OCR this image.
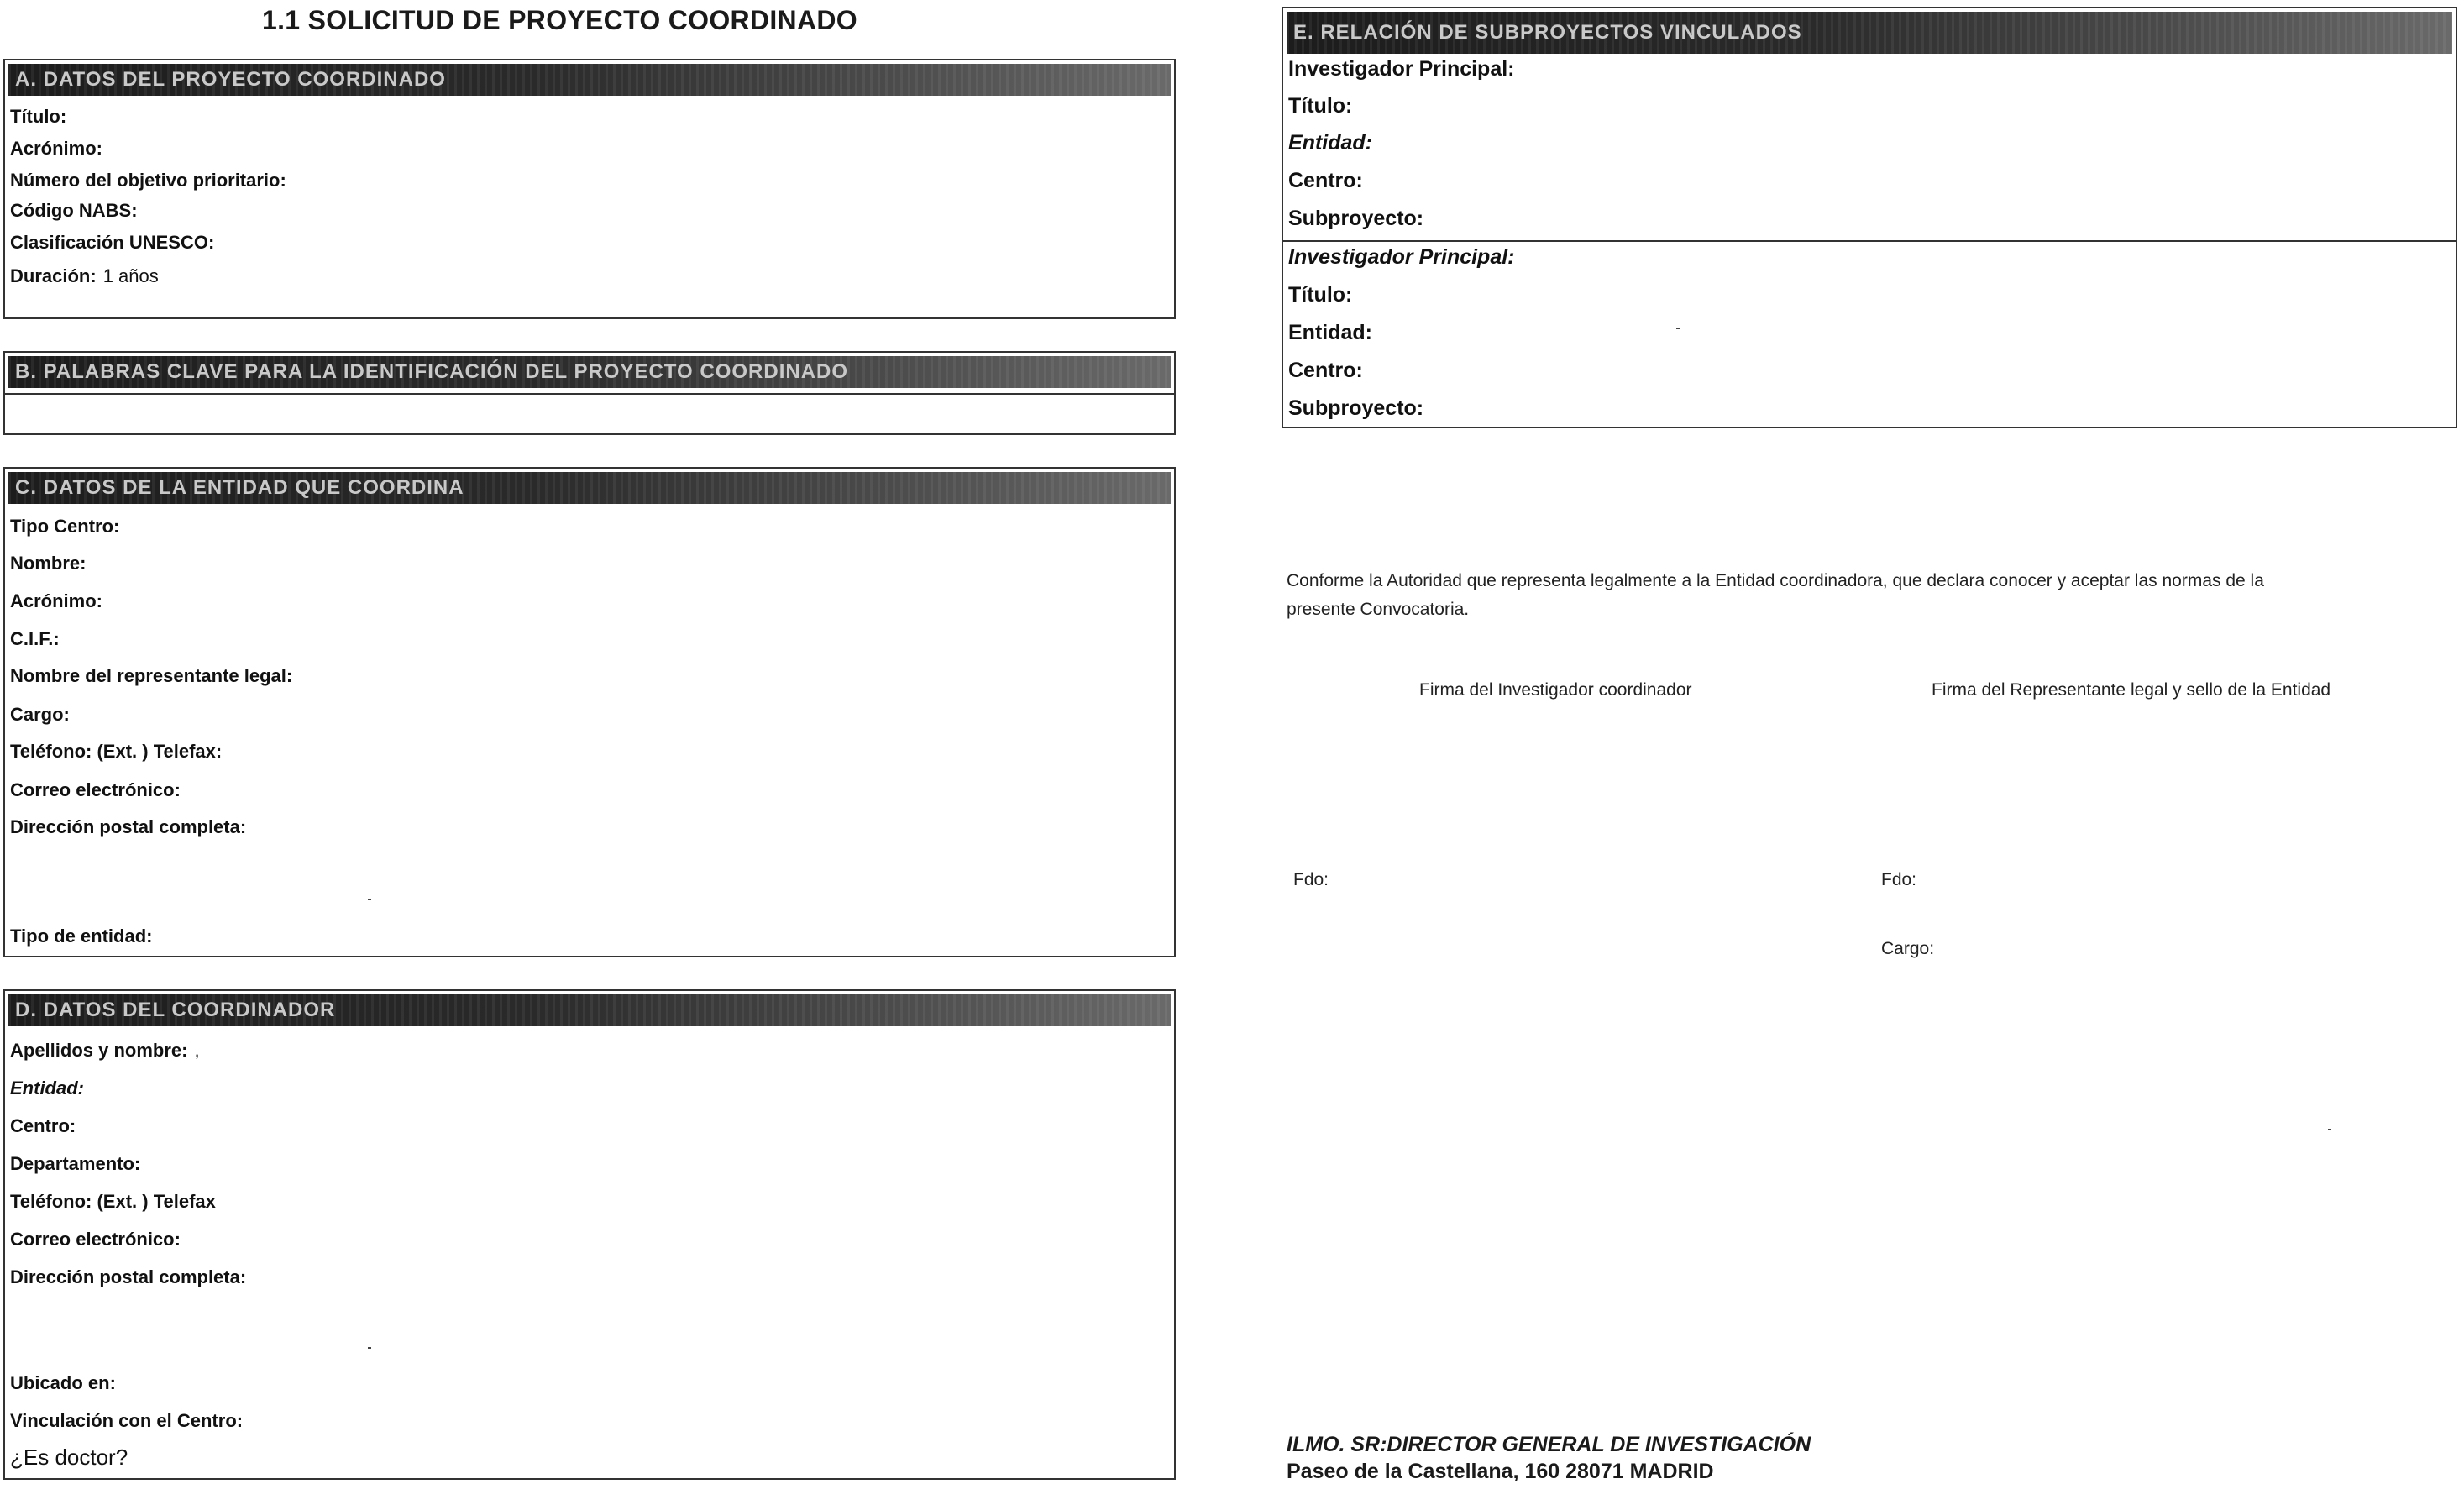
1.1 SOLICITUD DE PROYECTO COORDINADO
A. DATOS DEL PROYECTO COORDINADO
Título:
Acrónimo:
Número del objetivo prioritario:
Código NABS:
Clasificación UNESCO:
Duración: 1 años
B. PALABRAS CLAVE PARA LA IDENTIFICACIÓN DEL PROYECTO COORDINADO
C. DATOS DE LA ENTIDAD QUE COORDINA
Tipo Centro:
Nombre:
Acrónimo:
C.I.F.:
Nombre del representante legal:
Cargo:
Teléfono: (Ext. ) Telefax:
Correo electrónico:
Dirección postal completa:
Tipo de entidad:
D. DATOS DEL COORDINADOR
Apellidos y nombre: ,
Entidad:
Centro:
Departamento:
Teléfono: (Ext. ) Telefax
Correo electrónico:
Dirección postal completa:
Ubicado en:
Vinculación con el Centro:
¿Es doctor?
E. RELACIÓN DE SUBPROYECTOS VINCULADOS
Investigador Principal:
Título:
Entidad:
Centro:
Subproyecto:
Investigador Principal:
Título:
Entidad:
Centro:
Subproyecto:
Conforme la Autoridad que representa legalmente a la Entidad coordinadora, que declara conocer y aceptar las normas de la
presente Convocatoria.
Firma del Investigador coordinador	Firma del Representante legal y sello de la Entidad
Fdo:	Fdo:
Cargo:
ILMO. SR:DIRECTOR GENERAL DE INVESTIGACIÓN
Paseo de la Castellana, 160 28071 MADRID
